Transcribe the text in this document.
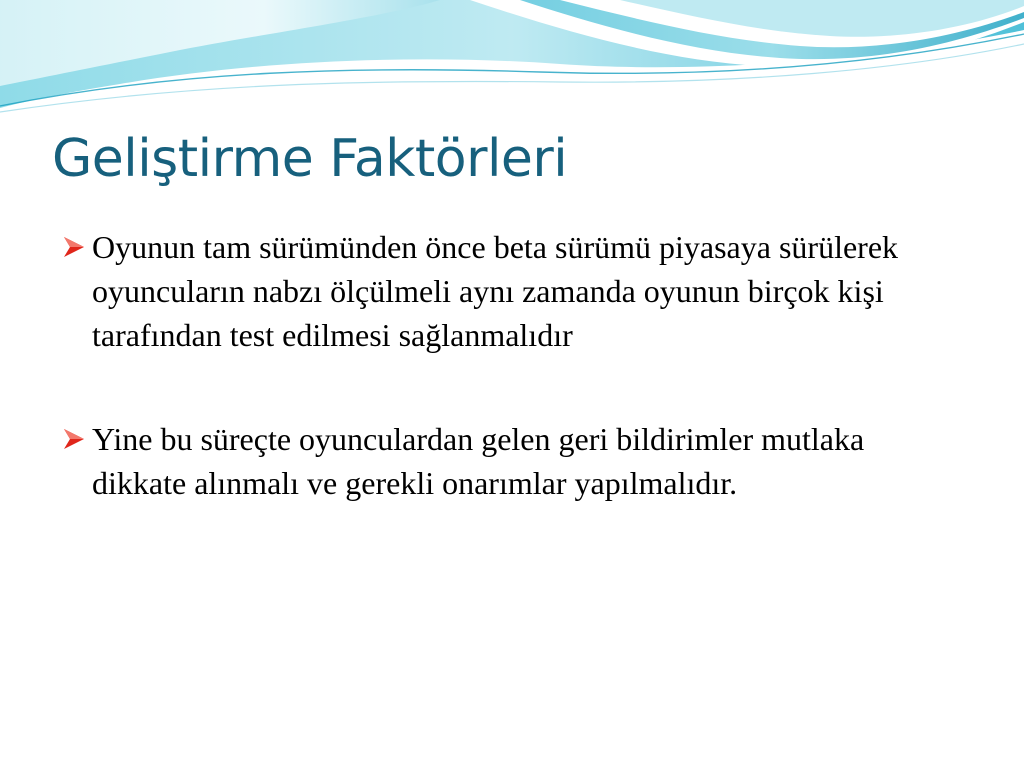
Geliştirme Faktörleri
Oyunun tam sürümünden önce beta sürümü piyasaya sürülerek oyuncuların nabzı ölçülmeli aynı zamanda oyunun birçok kişi tarafından test edilmesi sağlanmalıdır
Yine bu süreçte oyunculardan gelen geri bildirimler mutlaka dikkate alınmalı ve gerekli onarımlar yapılmalıdır.
